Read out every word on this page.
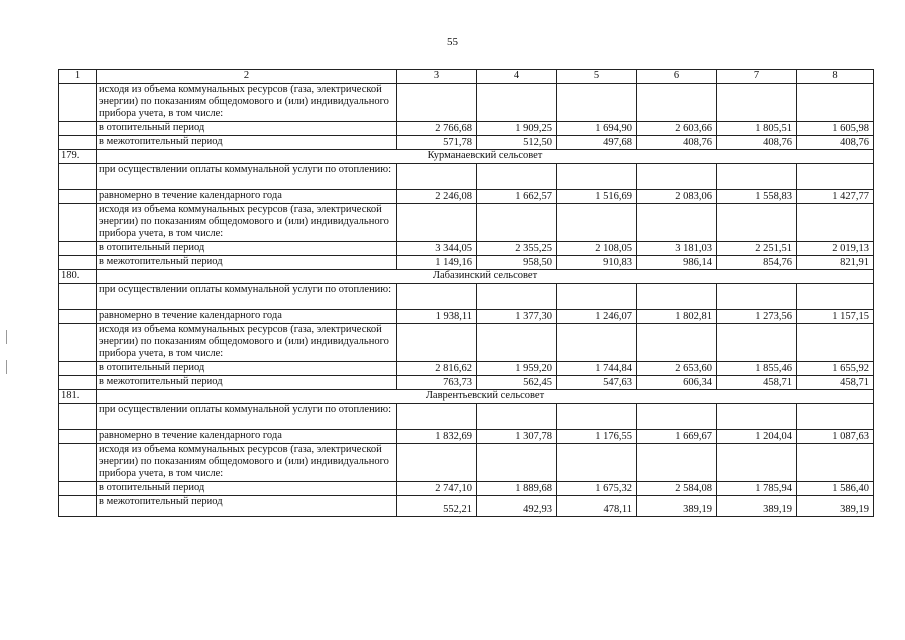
55
1	2	3	4	5	6	7	8
	исходя из объема коммунальных ресурсов (газа, электрической энергии) по показаниям общедомового и (или) индивидуального прибора учета, в том числе:						
	в отопительный период	2 766,68	1 909,25	1 694,90	2 603,66	1 805,51	1 605,98
	в межотопительный период	571,78	512,50	497,68	408,76	408,76	408,76
179.	Курманаевский сельсовет						
	при осуществлении оплаты коммунальной услуги по отоплению:						
	равномерно в течение календарного года	2 246,08	1 662,57	1 516,69	2 083,06	1 558,83	1 427,77
	исходя из объема коммунальных ресурсов (газа, электрической энергии) по показаниям общедомового и (или) индивидуального прибора учета, в том числе:						
	в отопительный период	3 344,05	2 355,25	2 108,05	3 181,03	2 251,51	2 019,13
	в межотопительный период	1 149,16	958,50	910,83	986,14	854,76	821,91
180.	Лабазинский сельсовет						
	при осуществлении оплаты коммунальной услуги по отоплению:						
	равномерно в течение календарного года	1 938,11	1 377,30	1 246,07	1 802,81	1 273,56	1 157,15
	исходя из объема коммунальных ресурсов (газа, электрической энергии) по показаниям общедомового и (или) индивидуального прибора учета, в том числе:						
	в отопительный период	2 816,62	1 959,20	1 744,84	2 653,60	1 855,46	1 655,92
	в межотопительный период	763,73	562,45	547,63	606,34	458,71	458,71
181.	Лаврентьевский сельсовет						
	при осуществлении оплаты коммунальной услуги по отоплению:						
	равномерно в течение календарного года	1 832,69	1 307,78	1 176,55	1 669,67	1 204,04	1 087,63
	исходя из объема коммунальных ресурсов (газа, электрической энергии) по показаниям общедомового и (или) индивидуального прибора учета, в том числе:						
	в отопительный период	2 747,10	1 889,68	1 675,32	2 584,08	1 785,94	1 586,40
	в межотопительный период	552,21	492,93	478,11	389,19	389,19	389,19
